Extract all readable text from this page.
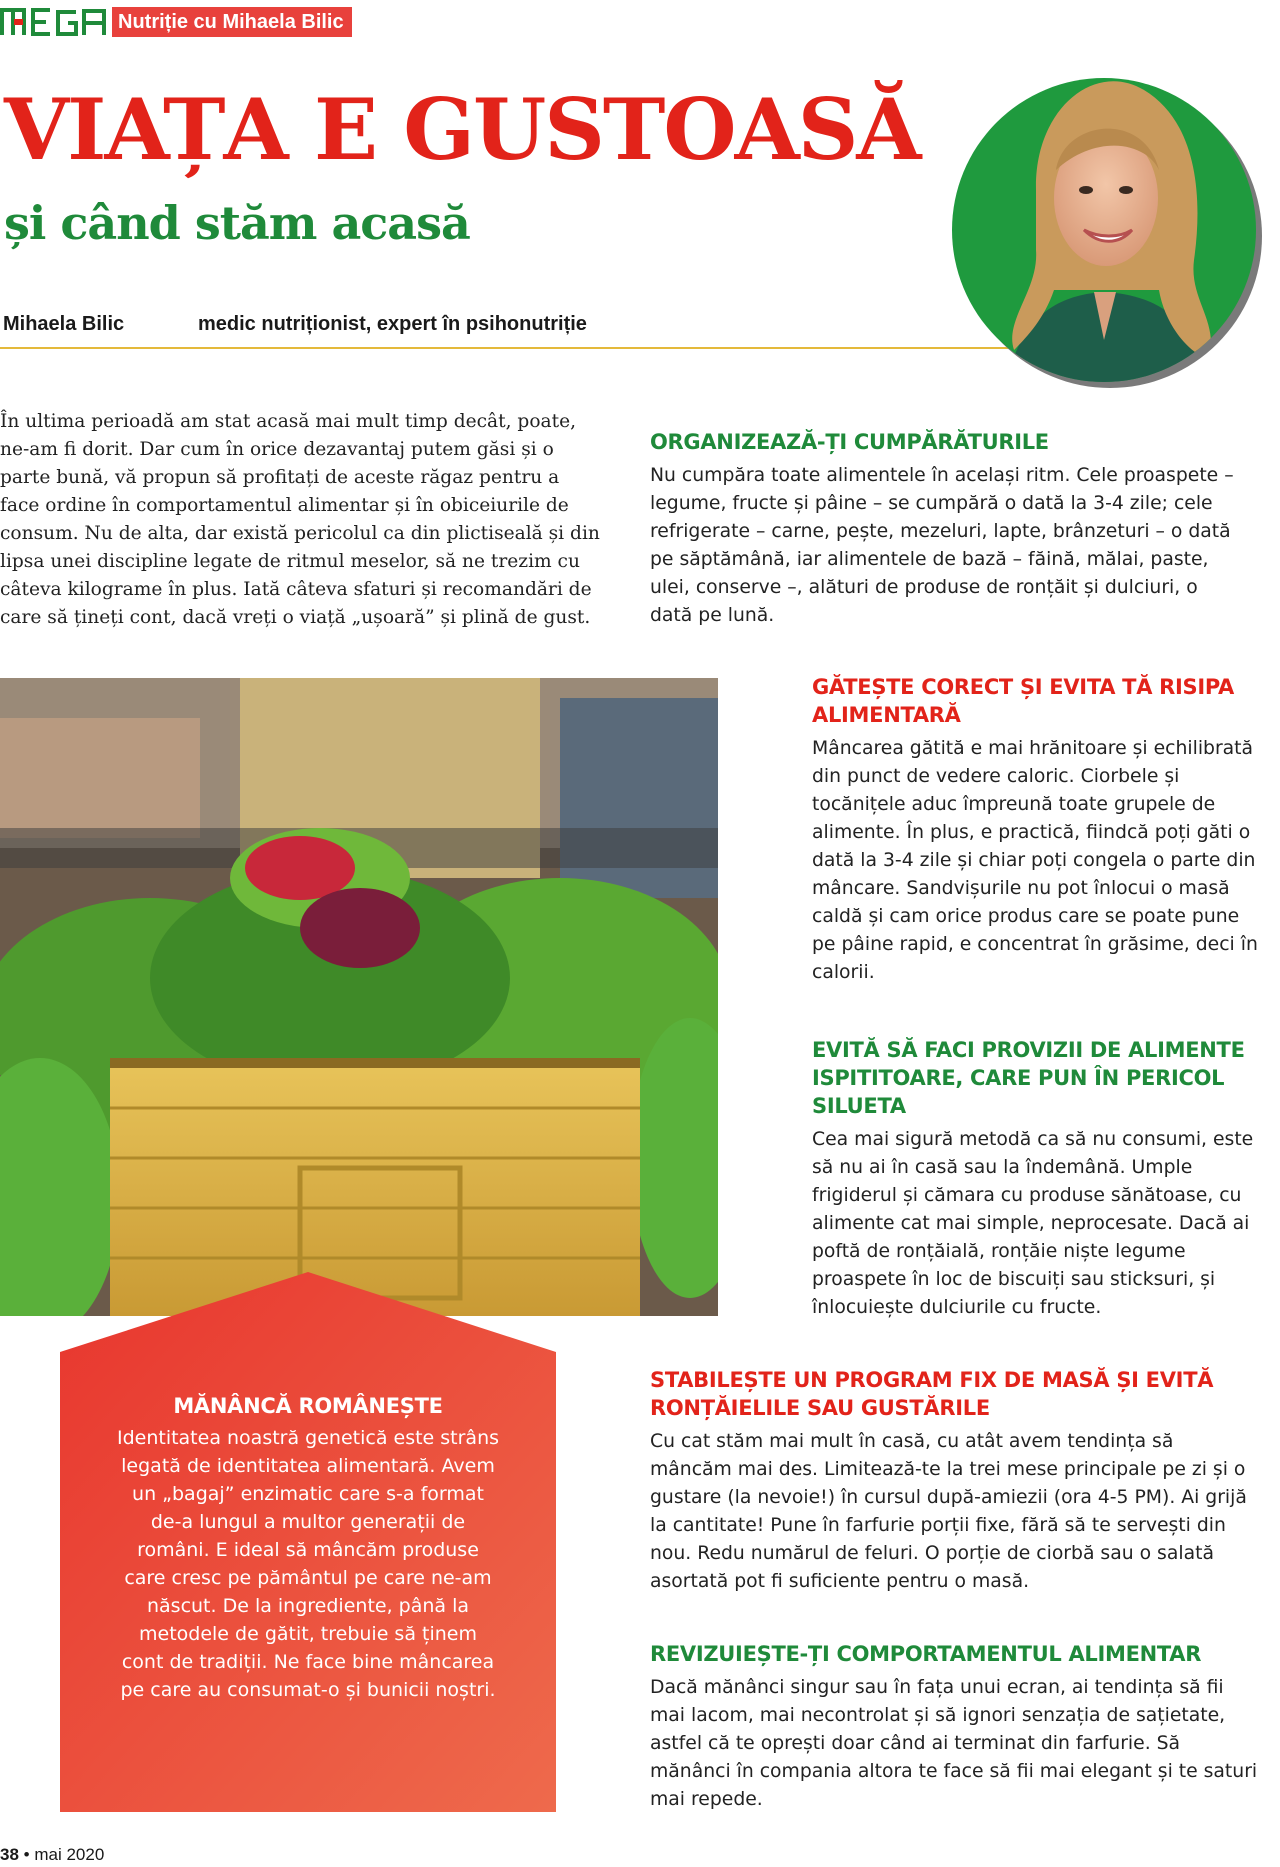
Nutriție cu Mihaela Bilic
VIAȚA E GUSTOASĂ
și când stăm acasă
Mihaela Bilic	medic nutriționist, expert în psihonutriție

În ultima perioadă am stat acasă mai mult timp decât, poate, ne-am fi dorit. Dar cum în orice dezavantaj putem găsi și o parte bună, vă propun să profitați de aceste răgaz pentru a face ordine în comportamentul alimentar și în obiceiurile de consum. Nu de alta, dar există pericolul ca din plictiseală și din lipsa unei discipline legate de ritmul meselor, să ne trezim cu câteva kilograme în plus. Iată câteva sfaturi și recomandări de care să țineți cont, dacă vreți o viață „ușoară” și plină de gust.

ORGANIZEAZĂ-ȚI CUMPĂRĂTURILE

Nu cumpăra toate alimentele în același ritm. Cele proaspete – legume, fructe și pâine – se cumpără o dată la 3-4 zile; cele refrigerate – carne, pește, mezeluri, lapte, brânzeturi – o dată pe săptămână, iar alimentele de bază – făină, mălai, paste, ulei, conserve –, alături de produse de ronțăit și dulciuri, o dată pe lună.

GĂTEȘTE CORECT ȘI EVITA TĂ RISIPA ALIMENTARĂ

Mâncarea gătită e mai hrănitoare și echilibrată din punct de vedere caloric. Ciorbele și tocănițele aduc împreună toate grupele de alimente. În plus, e practică, fiindcă poți găti o dată la 3-4 zile și chiar poți congela o parte din mâncare. Sandvișurile nu pot înlocui o masă caldă și cam orice produs care se poate pune pe pâine rapid, e concentrat în grăsime, deci în calorii.

EVITĂ SĂ FACI PROVIZII DE ALIMENTE ISPITITOARE, CARE PUN ÎN PERICOL SILUETA

Cea mai sigură metodă ca să nu consumi, este să nu ai în casă sau la îndemână. Umple frigiderul și cămara cu produse sănătoase, cu alimente cat mai simple, neprocesate. Dacă ai poftă de ronțăială, ronțăie niște legume proaspete în loc de biscuiți sau sticksuri, și înlocuiește dulciurile cu fructe.

MĂNÂNCĂ ROMÂNEȘTE

Identitatea noastră genetică este strâns legată de identitatea alimentară. Avem un „bagaj” enzimatic care s-a format de-a lungul a multor generații de români. E ideal să mâncăm produse care cresc pe pământul pe care ne-am născut. De la ingrediente, până la metodele de gătit, trebuie să ținem cont de tradiții. Ne face bine mâncarea pe care au consumat-o și bunicii noștri.

STABILEȘTE UN PROGRAM FIX DE MASĂ ȘI EVITĂ RONȚĂIELILE SAU GUSTĂRILE

Cu cat stăm mai mult în casă, cu atât avem tendința să mâncăm mai des. Limitează-te la trei mese principale pe zi și o gustare (la nevoie!) în cursul după-amiezii (ora 4-5 PM). Ai grijă la cantitate! Pune în farfurie porții fixe, fără să te servești din nou. Redu numărul de feluri. O porție de ciorbă sau o salată asortată pot fi suficiente pentru o masă.

REVIZUIEȘTE-ȚI COMPORTAMENTUL ALIMENTAR

Dacă mănânci singur sau în fața unui ecran, ai tendința să fii mai lacom, mai necontrolat și să ignori senzația de sațietate, astfel că te oprești doar când ai terminat din farfurie. Să mănânci în compania altora te face să fii mai elegant și te saturi mai repede.

38 • mai 2020
